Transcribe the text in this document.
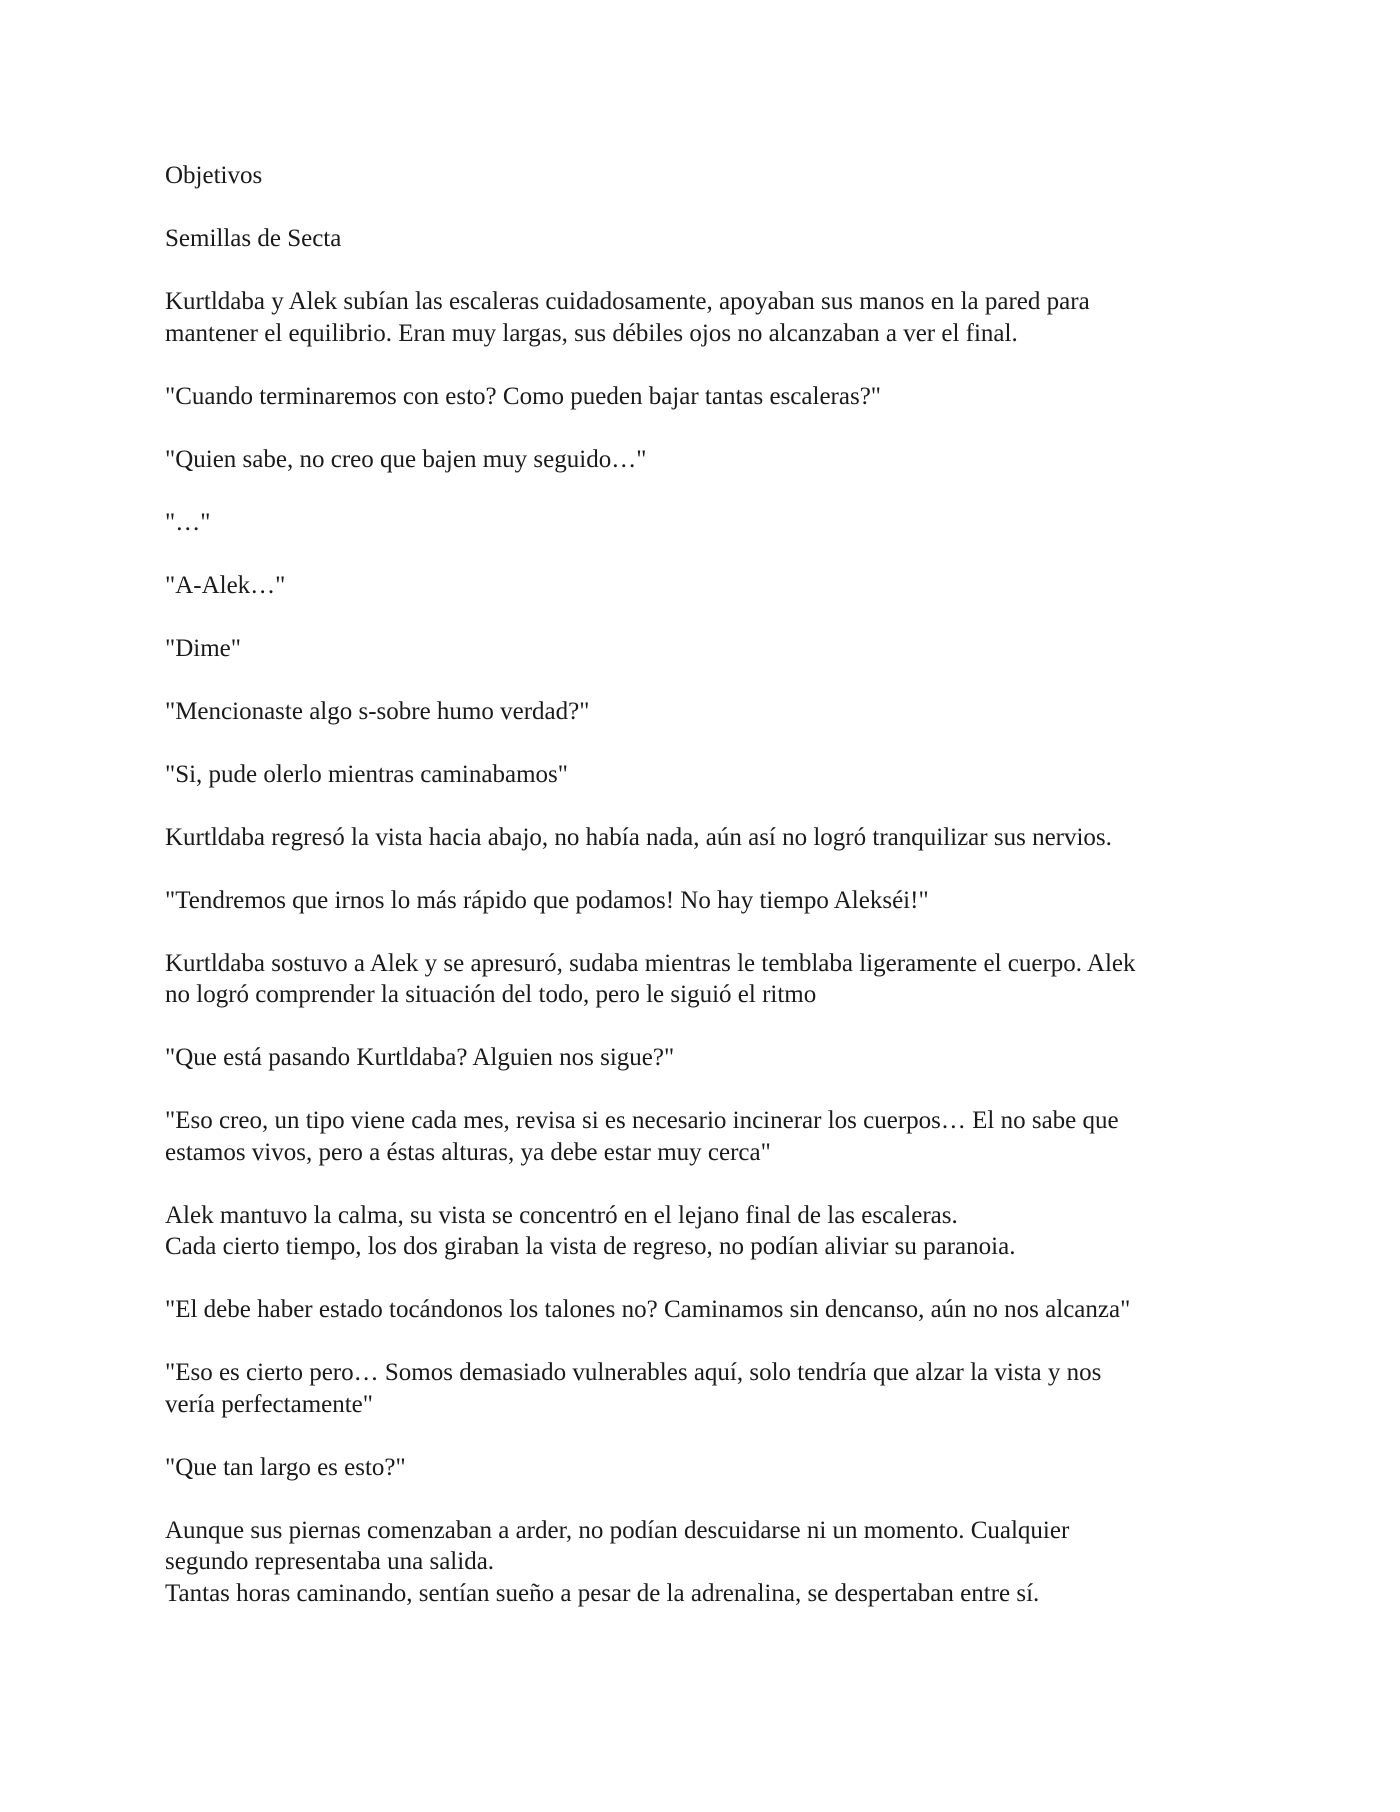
Objetivos

Semillas de Secta

Kurtldaba y Alek subían las escaleras cuidadosamente, apoyaban sus manos en la pared para
mantener el equilibrio. Eran muy largas, sus débiles ojos no alcanzaban a ver el final.

"Cuando terminaremos con esto? Como pueden bajar tantas escaleras?"

"Quien sabe, no creo que bajen muy seguido…"

"…"

"A-Alek…"

"Dime"

"Mencionaste algo s-sobre humo verdad?"

"Si, pude olerlo mientras caminabamos"

Kurtldaba regresó la vista hacia abajo, no había nada, aún así no logró tranquilizar sus nervios.

"Tendremos que irnos lo más rápido que podamos! No hay tiempo Alekséi!"

Kurtldaba sostuvo a Alek y se apresuró, sudaba mientras le temblaba ligeramente el cuerpo. Alek
no logró comprender la situación del todo, pero le siguió el ritmo

"Que está pasando Kurtldaba? Alguien nos sigue?"

"Eso creo, un tipo viene cada mes, revisa si es necesario incinerar los cuerpos… El no sabe que
estamos vivos, pero a éstas alturas, ya debe estar muy cerca"

Alek mantuvo la calma, su vista se concentró en el lejano final de las escaleras.
Cada cierto tiempo, los dos giraban la vista de regreso, no podían aliviar su paranoia.

"El debe haber estado tocándonos los talones no? Caminamos sin dencanso, aún no nos alcanza"

"Eso es cierto pero… Somos demasiado vulnerables aquí, solo tendría que alzar la vista y nos
vería perfectamente"

"Que tan largo es esto?"

Aunque sus piernas comenzaban a arder, no podían descuidarse ni un momento. Cualquier
segundo representaba una salida.
Tantas horas caminando, sentían sueño a pesar de la adrenalina, se despertaban entre sí.
